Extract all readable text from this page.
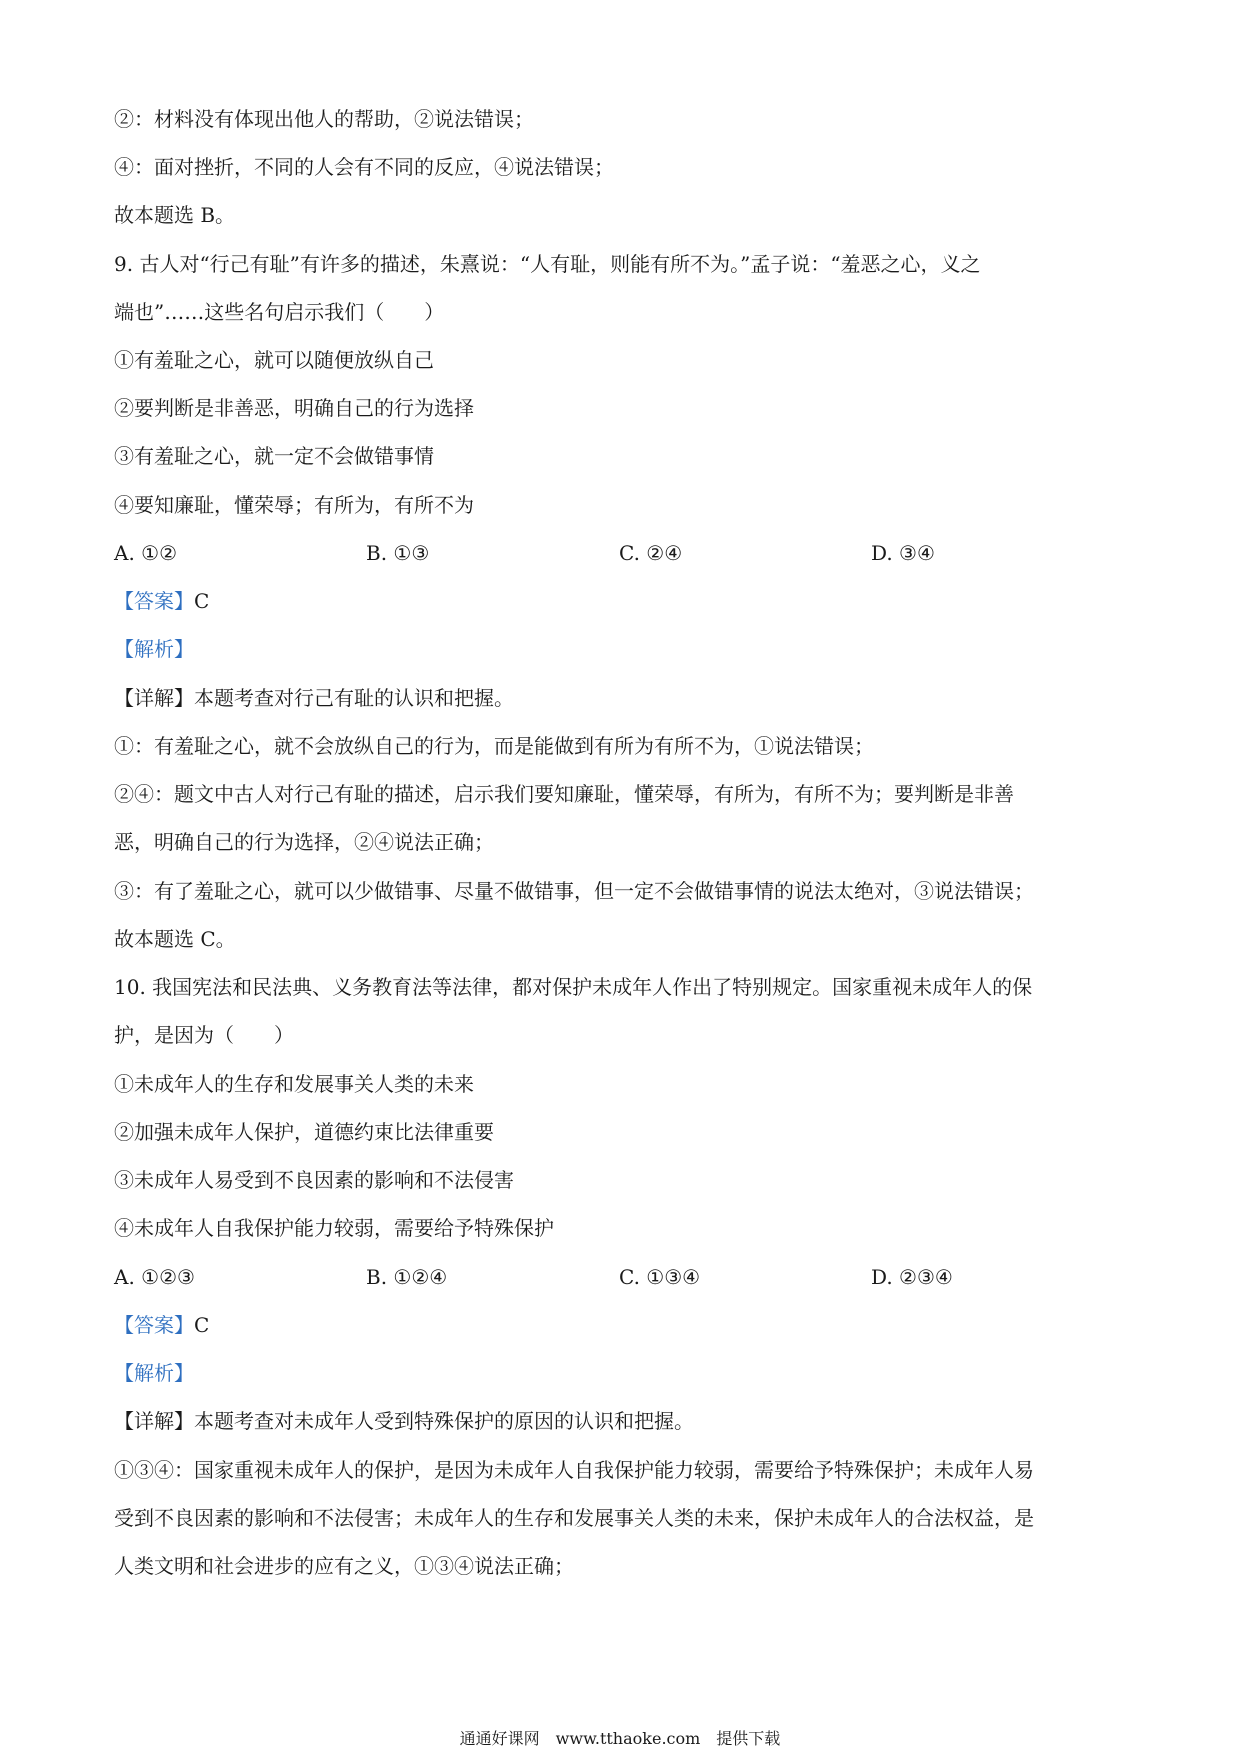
②：材料没有体现出他人的帮助，②说法错误；
④：面对挫折，不同的人会有不同的反应，④说法错误；
故本题选 B。
9. 古人对“行己有耻”有许多的描述，朱熹说：“人有耻，则能有所不为。”孟子说：“羞恶之心，义之
端也”……这些名句启示我们（　　）
①有羞耻之心，就可以随便放纵自己
②要判断是非善恶，明确自己的行为选择
③有羞耻之心，就一定不会做错事情
④要知廉耻，懂荣辱；有所为，有所不为
A. ①②	B. ①③	C. ②④	D. ③④
【答案】C
【解析】
【详解】本题考查对行己有耻的认识和把握。
①：有羞耻之心，就不会放纵自己的行为，而是能做到有所为有所不为，①说法错误；
②④：题文中古人对行己有耻的描述，启示我们要知廉耻，懂荣辱，有所为，有所不为；要判断是非善
恶，明确自己的行为选择，②④说法正确；
③：有了羞耻之心，就可以少做错事、尽量不做错事，但一定不会做错事情的说法太绝对，③说法错误；
故本题选 C。
10. 我国宪法和民法典、义务教育法等法律，都对保护未成年人作出了特别规定。国家重视未成年人的保
护，是因为（　　）
①未成年人的生存和发展事关人类的未来
②加强未成年人保护，道德约束比法律重要
③未成年人易受到不良因素的影响和不法侵害
④未成年人自我保护能力较弱，需要给予特殊保护
A. ①②③	B. ①②④	C. ①③④	D. ②③④
【答案】C
【解析】
【详解】本题考查对未成年人受到特殊保护的原因的认识和把握。
①③④：国家重视未成年人的保护，是因为未成年人自我保护能力较弱，需要给予特殊保护；未成年人易
受到不良因素的影响和不法侵害；未成年人的生存和发展事关人类的未来，保护未成年人的合法权益，是
人类文明和社会进步的应有之义，①③④说法正确；
通通好课网　www.tthaoke.com　提供下载
